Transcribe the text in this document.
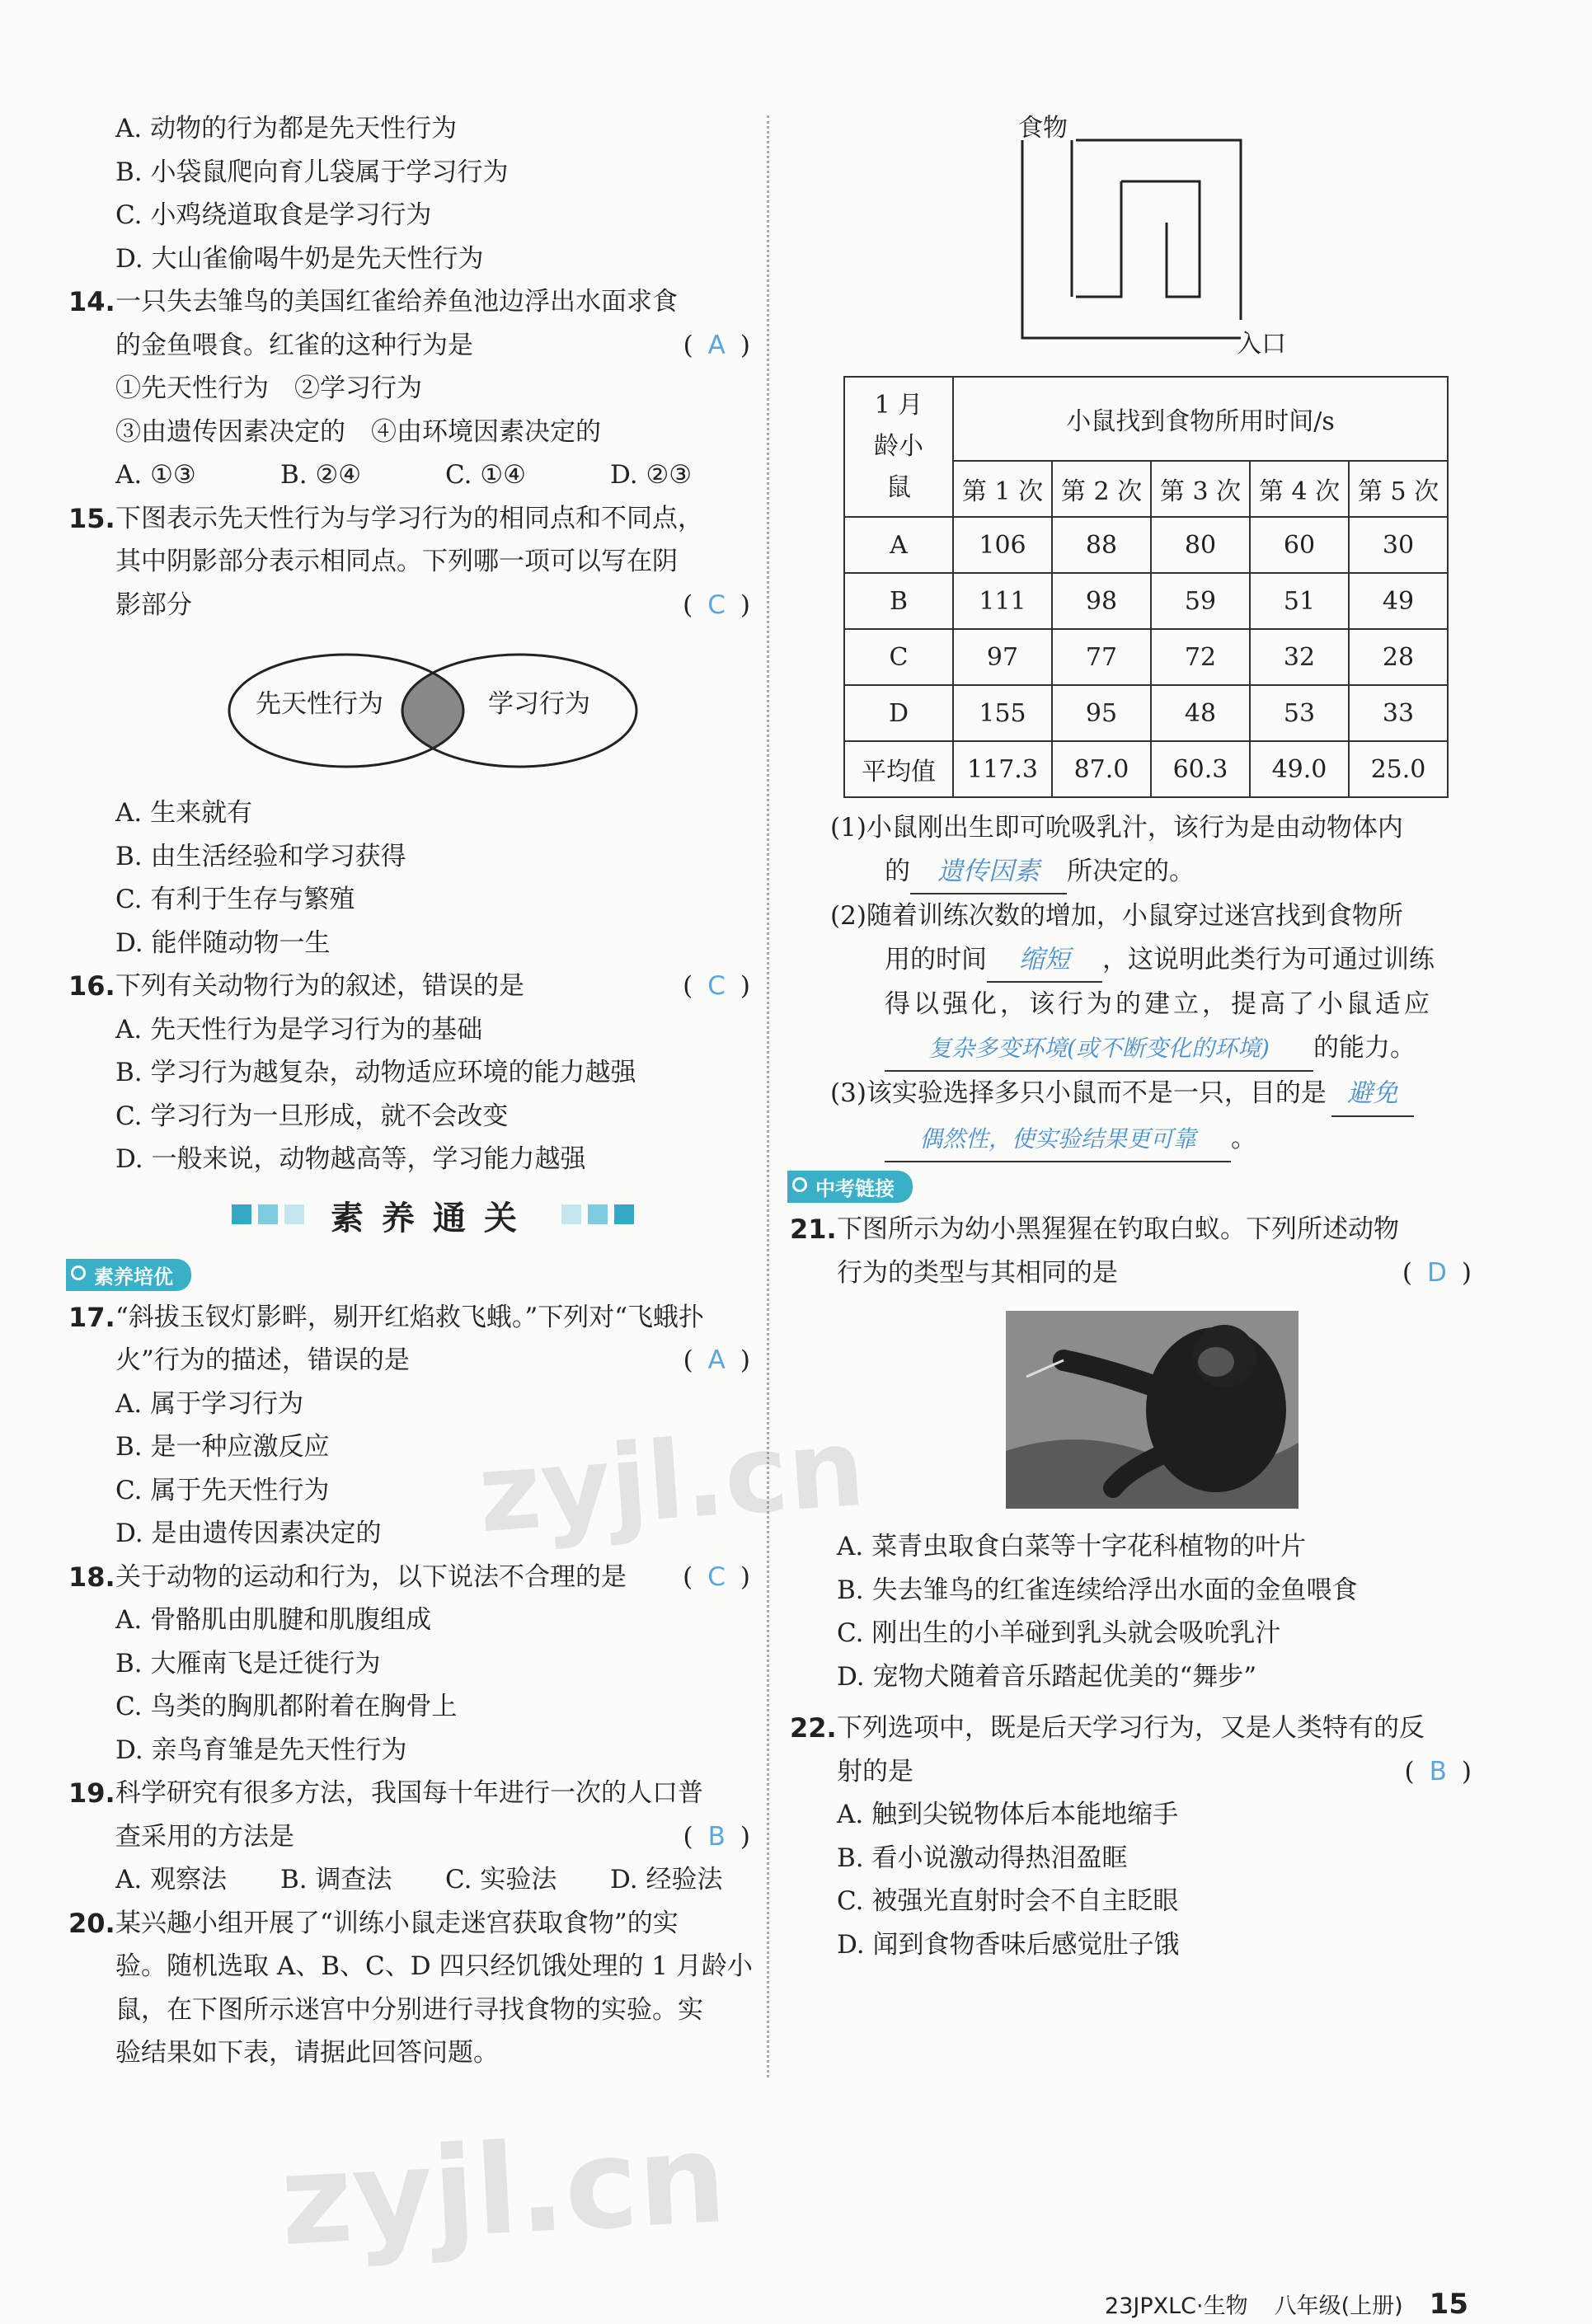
A. 动物的行为都是先天性行为
B. 小袋鼠爬向育儿袋属于学习行为
C. 小鸡绕道取食是学习行为
D. 大山雀偷喝牛奶是先天性行为
14. 一只失去雏鸟的美国红雀给养鱼池边浮出水面求食
的金鱼喂食。红雀的这种行为是	( A )
①先天性行为　②学习行为
③由遗传因素决定的　④由环境因素决定的
A. ①③	B. ②④	C. ①④	D. ②③
15. 下图表示先天性行为与学习行为的相同点和不同点，
其中阴影部分表示相同点。下列哪一项可以写在阴
影部分	( C )
先天性行为	学习行为
A. 生来就有
B. 由生活经验和学习获得
C. 有利于生存与繁殖
D. 能伴随动物一生
16. 下列有关动物行为的叙述，错误的是	( C )
A. 先天性行为是学习行为的基础
B. 学习行为越复杂，动物适应环境的能力越强
C. 学习行为一旦形成，就不会改变
D. 一般来说，动物越高等，学习能力越强
素养通关
素养培优
17. “斜拔玉钗灯影畔，剔开红焰救飞蛾。”下列对“飞蛾扑
火”行为的描述，错误的是	( A )
A. 属于学习行为
B. 是一种应激反应
C. 属于先天性行为
D. 是由遗传因素决定的
18. 关于动物的运动和行为，以下说法不合理的是 ( C )
A. 骨骼肌由肌腱和肌腹组成
B. 大雁南飞是迁徙行为
C. 鸟类的胸肌都附着在胸骨上
D. 亲鸟育雏是先天性行为
19. 科学研究有很多方法，我国每十年进行一次的人口普
查采用的方法是	( B )
A. 观察法	B. 调查法	C. 实验法	D. 经验法
20. 某兴趣小组开展了“训练小鼠走迷宫获取食物”的实
验。随机选取 A、B、C、D 四只经饥饿处理的 1 月龄小
鼠，在下图所示迷宫中分别进行寻找食物的实验。实
验结果如下表，请据此回答问题。
食物
入口
1 月
龄小
鼠	小鼠找到食物所用时间/s				
	第 1 次	第 2 次	第 3 次	第 4 次	第 5 次
A	106	88	80	60	30
B	111	98	59	51	49
C	97	77	72	32	28
D	155	95	48	53	33
平均值	117.3	87.0	60.3	49.0	25.0
(1)小鼠刚出生即可吮吸乳汁，该行为是由动物体内
的 遗传因素 所决定的。
(2)随着训练次数的增加，小鼠穿过迷宫找到食物所
用的时间 缩短 ，这说明此类行为可通过训练
得以强化，该行为的建立，提高了小鼠适应
复杂多变环境(或不断变化的环境) 的能力。
(3)该实验选择多只小鼠而不是一只，目的是 避免
偶然性，使实验结果更可靠 。
中考链接
21. 下图所示为幼小黑猩猩在钓取白蚁。下列所述动物
行为的类型与其相同的是	( D )
A. 菜青虫取食白菜等十字花科植物的叶片
B. 失去雏鸟的红雀连续给浮出水面的金鱼喂食
C. 刚出生的小羊碰到乳头就会吸吮乳汁
D. 宠物犬随着音乐踏起优美的“舞步”
22. 下列选项中，既是后天学习行为，又是人类特有的反
射的是	( B )
A. 触到尖锐物体后本能地缩手
B. 看小说激动得热泪盈眶
C. 被强光直射时会不自主眨眼
D. 闻到食物香味后感觉肚子饿
zyjl.cn
zyjl.cn
23JPXLC·生物 八年级(上册) 15
